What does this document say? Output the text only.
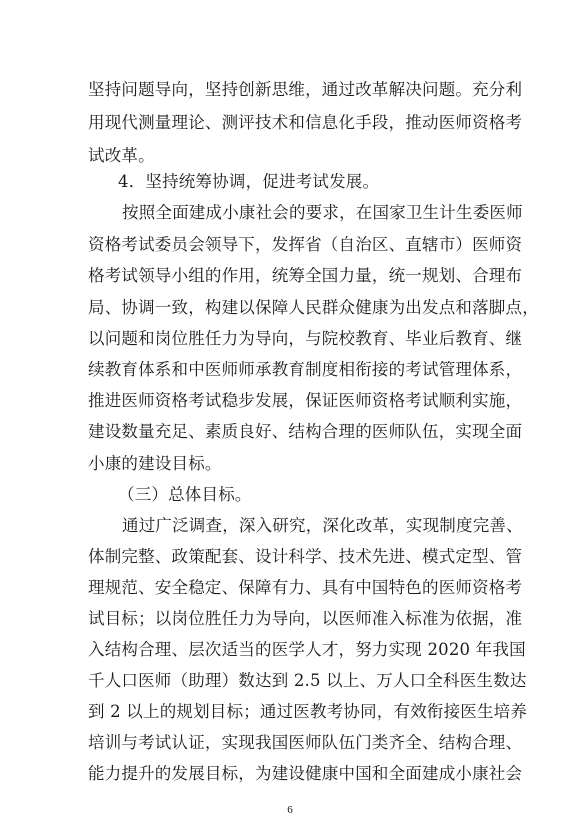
坚持问题导向，坚持创新思维，通过改革解决问题。充分利
用现代测量理论、测评技术和信息化手段，推动医师资格考
试改革。
4．坚持统筹协调，促进考试发展。
按照全面建成小康社会的要求，在国家卫生计生委医师
资格考试委员会领导下，发挥省（自治区、直辖市）医师资
格考试领导小组的作用，统筹全国力量，统一规划、合理布
局、协调一致，构建以保障人民群众健康为出发点和落脚点，
以问题和岗位胜任力为导向，与院校教育、毕业后教育、继
续教育体系和中医师师承教育制度相衔接的考试管理体系，
推进医师资格考试稳步发展，保证医师资格考试顺利实施，
建设数量充足、素质良好、结构合理的医师队伍，实现全面
小康的建设目标。
（三）总体目标。
通过广泛调查，深入研究，深化改革，实现制度完善、
体制完整、政策配套、设计科学、技术先进、模式定型、管
理规范、安全稳定、保障有力、具有中国特色的医师资格考
试目标；以岗位胜任力为导向，以医师准入标准为依据，准
入结构合理、层次适当的医学人才，努力实现 2020 年我国
千人口医师（助理）数达到 2.5 以上、万人口全科医生数达
到 2 以上的规划目标；通过医教考协同，有效衔接医生培养
培训与考试认证，实现我国医师队伍门类齐全、结构合理、
能力提升的发展目标，为建设健康中国和全面建成小康社会
6
